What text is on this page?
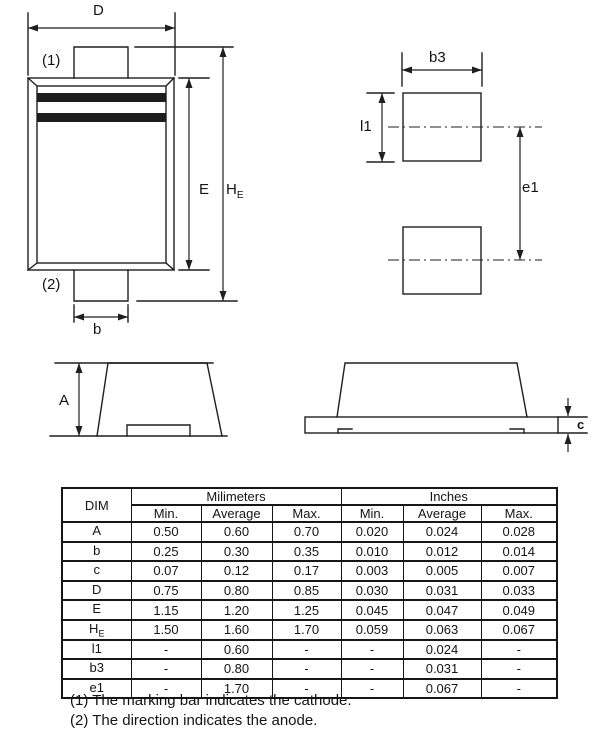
D
(1)
(2)
E $H_E$
b
b3
l1
e1
A
c
DIM	Milimeters			Inches		
	Min.	Average	Max.	Min.	Average	Max.
A	0.50	0.60	0.70	0.020	0.024	0.028
b	0.25	0.30	0.35	0.010	0.012	0.014
c	0.07	0.12	0.17	0.003	0.005	0.007
D	0.75	0.80	0.85	0.030	0.031	0.033
E	1.15	1.20	1.25	0.045	0.047	0.049
$H_E$	1.50	1.60	1.70	0.059	0.063	0.067
l1	-	0.60	-	-	0.024	-
b3	-	0.80	-	-	0.031	-
e1	-	1.70	-	-	0.067	-
(1) The marking bar indicates the cathode.
(2) The direction indicates the anode.
